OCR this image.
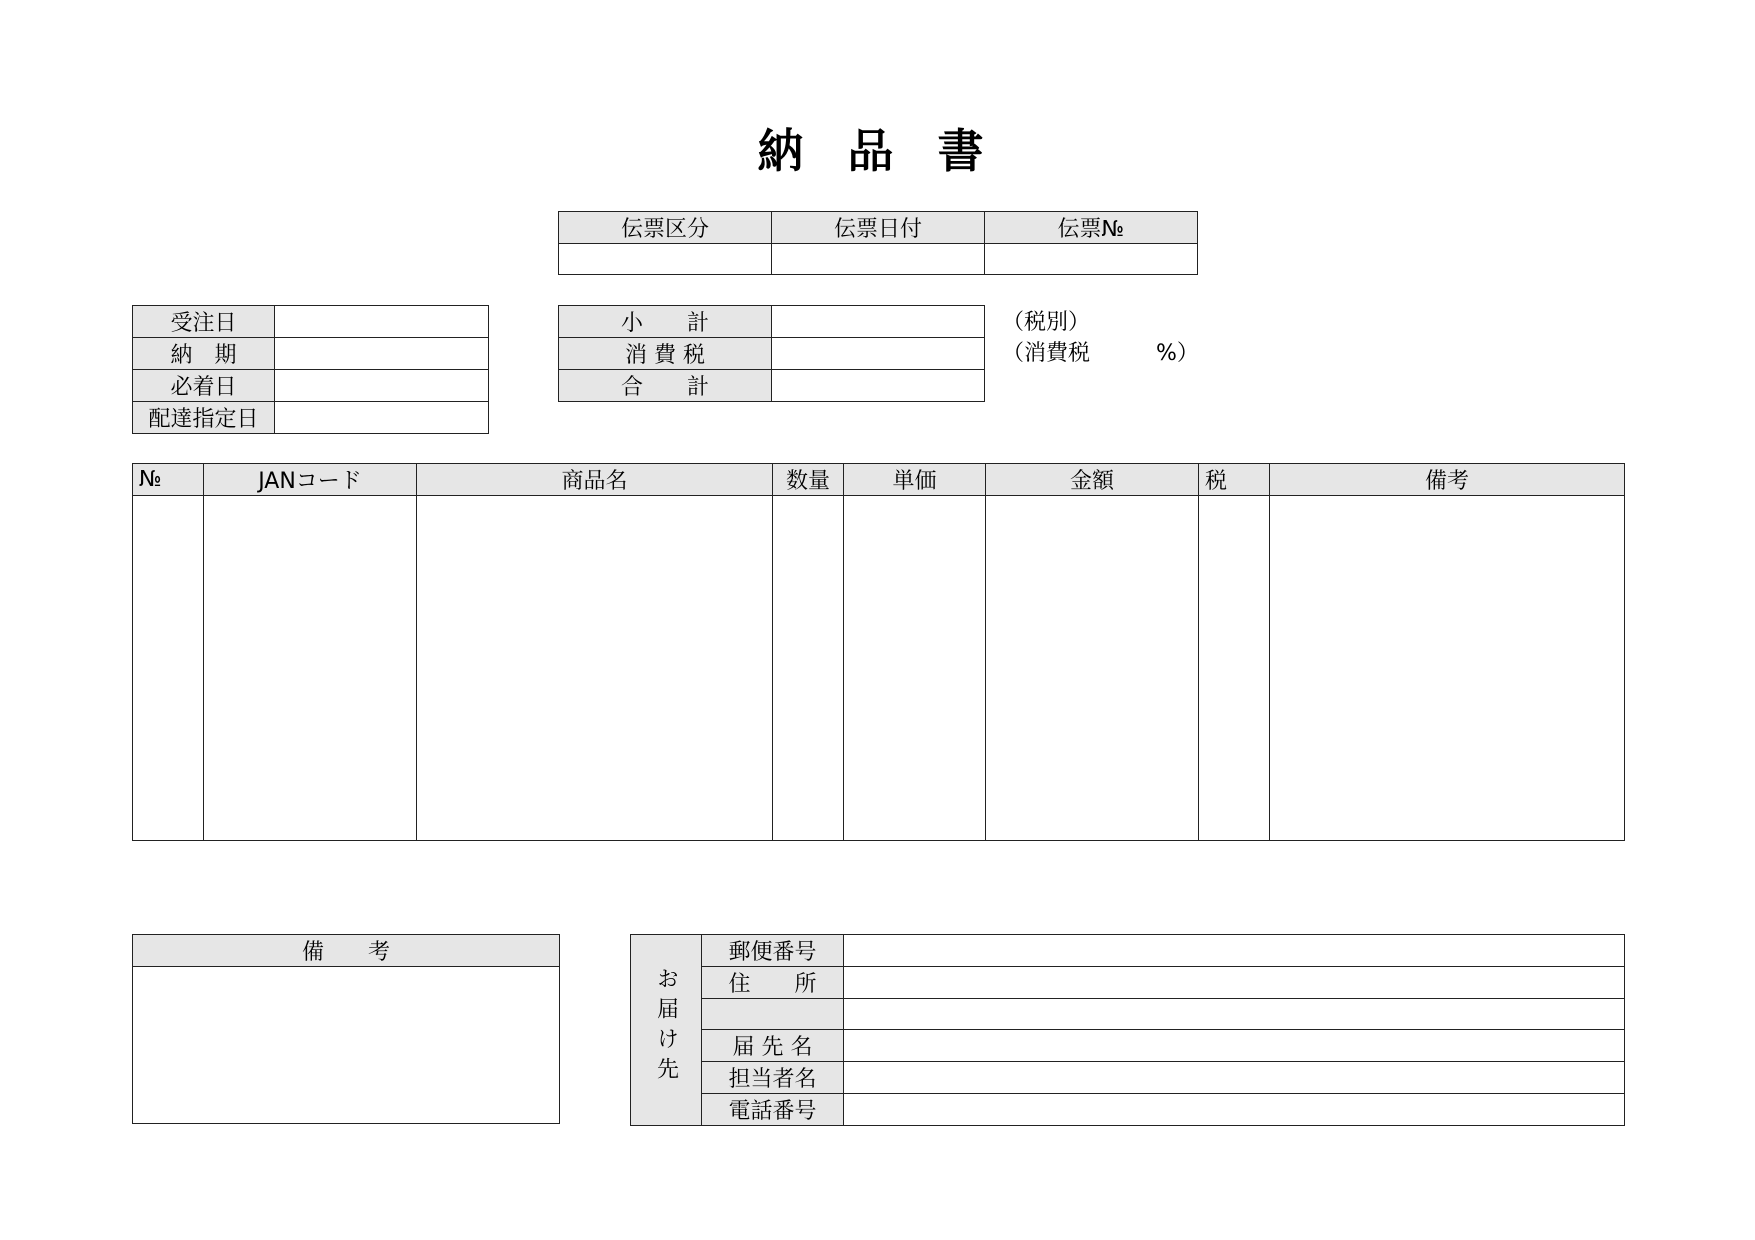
納 品 書
伝票区分	伝票日付	伝票№

受注日	
納　期	
必着日	
配達指定日	
小　　計	
消 費 税	
合　　計	
（税別）
（消費税　　　%）
№	JANコード	商品名	数量	単価	金額	税	備考

備　　考

お届け先	郵便番号	
	住　　所	

	届 先 名	
	担当者名	
	電話番号	
